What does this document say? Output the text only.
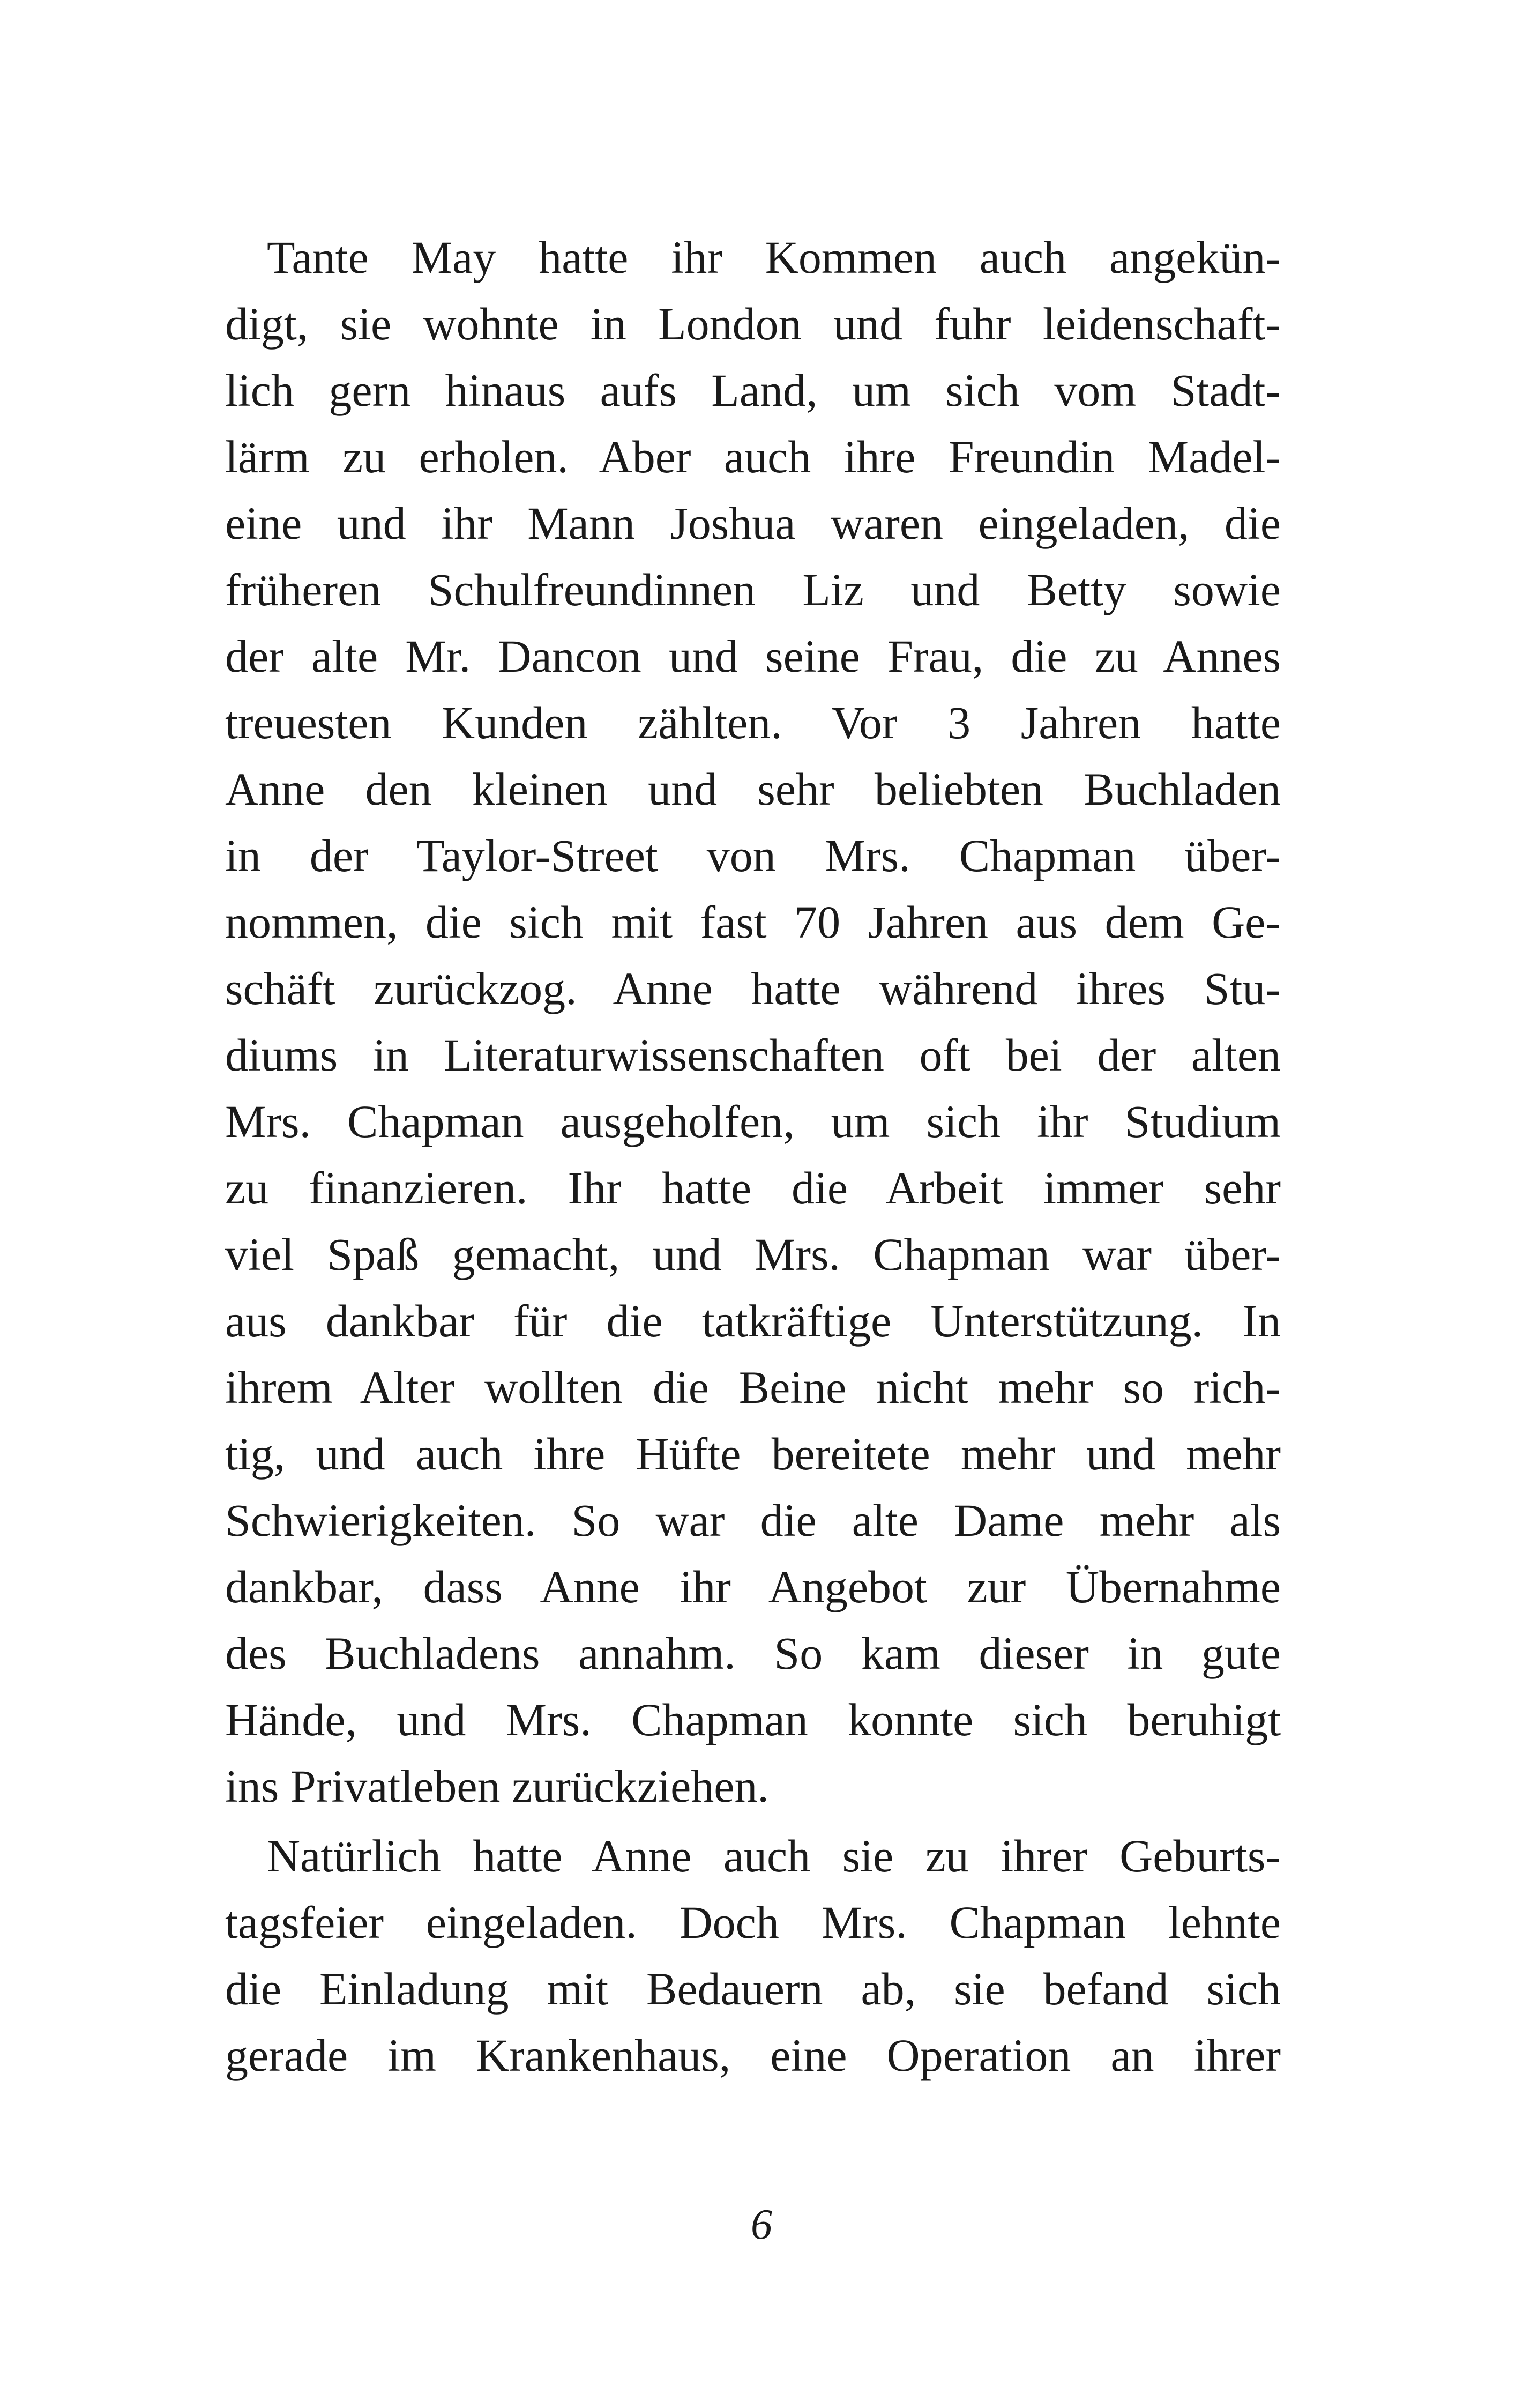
Tante May hatte ihr Kommen auch angekün-
digt, sie wohnte in London und fuhr leidenschaft-
lich gern hinaus aufs Land, um sich vom Stadt-
lärm zu erholen. Aber auch ihre Freundin Madel-
eine und ihr Mann Joshua waren eingeladen, die
früheren Schulfreundinnen Liz und Betty sowie
der alte Mr. Dancon und seine Frau, die zu Annes
treuesten Kunden zählten. Vor 3 Jahren hatte
Anne den kleinen und sehr beliebten Buchladen
in der Taylor-Street von Mrs. Chapman über-
nommen, die sich mit fast 70 Jahren aus dem Ge-
schäft zurückzog. Anne hatte während ihres Stu-
diums in Literaturwissenschaften oft bei der alten
Mrs. Chapman ausgeholfen, um sich ihr Studium
zu finanzieren. Ihr hatte die Arbeit immer sehr
viel Spaß gemacht, und Mrs. Chapman war über-
aus dankbar für die tatkräftige Unterstützung. In
ihrem Alter wollten die Beine nicht mehr so rich-
tig, und auch ihre Hüfte bereitete mehr und mehr
Schwierigkeiten. So war die alte Dame mehr als
dankbar, dass Anne ihr Angebot zur Übernahme
des Buchladens annahm. So kam dieser in gute
Hände, und Mrs. Chapman konnte sich beruhigt
ins Privatleben zurückziehen.
Natürlich hatte Anne auch sie zu ihrer Geburts-
tagsfeier eingeladen. Doch Mrs. Chapman lehnte
die Einladung mit Bedauern ab, sie befand sich
gerade im Krankenhaus, eine Operation an ihrer
6
